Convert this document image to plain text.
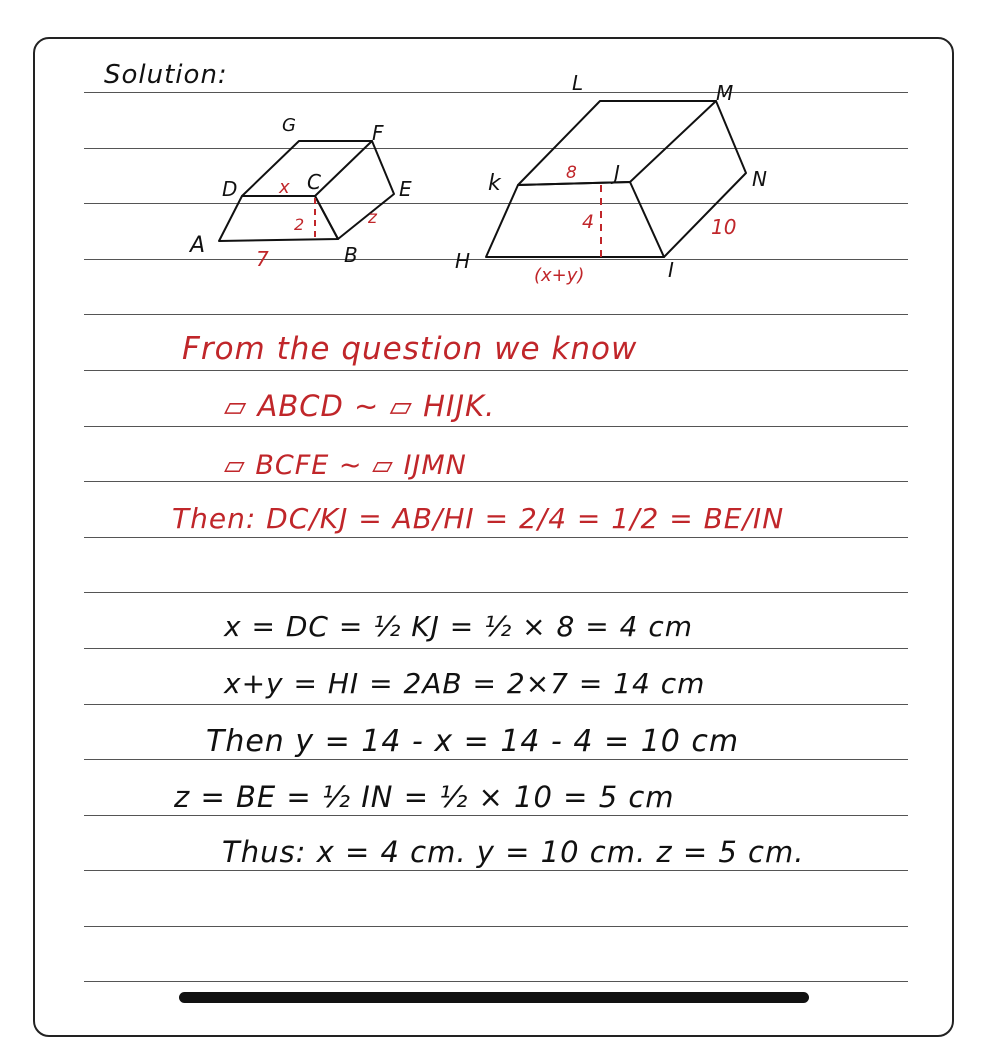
Solution:
A	B
C
D	E
F
G
x
2	z
7	H	I
J
k
L	M
N
8
4	10
(x+y)
From the question we know
▱ ABCD ∼ ▱ HIJK.
▱ BCFE ∼ ▱ IJMN
Then: DC/KJ = AB/HI = 2/4 = 1/2 = BE/IN
x = DC = ½ KJ = ½ × 8 = 4 cm
x+y = HI = 2AB = 2×7 = 14 cm
Then y = 14 - x = 14 - 4 = 10 cm
z = BE = ½ IN = ½ × 10 = 5 cm
Thus: x = 4 cm. y = 10 cm. z = 5 cm.
